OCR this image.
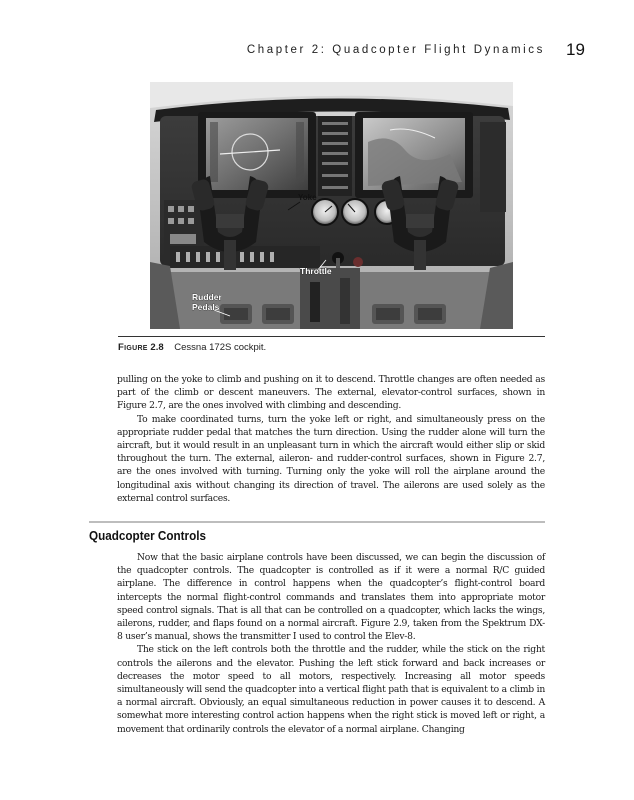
Chapter 2: Quadcopter Flight Dynamics 19
Yoke
Throttle
Rudder
Pedals
Figure 2.8 Cessna 172S cockpit.

pulling on the yoke to climb and pushing on it to descend. Throttle changes are often needed as part of the climb or descent maneuvers. The external, elevator-control surfaces, shown in Figure 2.7, are the ones involved with climbing and descending.

To make coordinated turns, turn the yoke left or right, and simultaneously press on the appropriate rudder pedal that matches the turn direction. Using the rudder alone will turn the aircraft, but it would result in an unpleasant turn in which the aircraft would either slip or skid throughout the turn. The external, aileron- and rudder-control surfaces, shown in Figure 2.7, are the ones involved with turning. Turning only the yoke will roll the airplane around the longitudinal axis without changing its direction of travel. The ailerons are used solely as the external control surfaces.

Quadcopter Controls

Now that the basic airplane controls have been discussed, we can begin the discussion of the quadcopter controls. The quadcopter is controlled as if it were a normal R/C guided airplane. The difference in control happens when the quadcopter’s flight-control board intercepts the normal flight-control commands and translates them into appropriate motor speed control signals. That is all that can be controlled on a quadcopter, which lacks the wings, ailerons, rudder, and flaps found on a normal aircraft. Figure 2.9, taken from the Spektrum DX-8 user’s manual, shows the transmitter I used to control the Elev-8.

The stick on the left controls both the throttle and the rudder, while the stick on the right controls the ailerons and the elevator. Pushing the left stick forward and back increases or decreases the motor speed to all motors, respectively. Increasing all motor speeds simultaneously will send the quadcopter into a vertical flight path that is equivalent to a climb in a normal aircraft. Obviously, an equal simultaneous reduction in power causes it to descend. A somewhat more interesting control action happens when the right stick is moved left or right, a movement that ordinarily controls the elevator of a normal airplane. Changing
